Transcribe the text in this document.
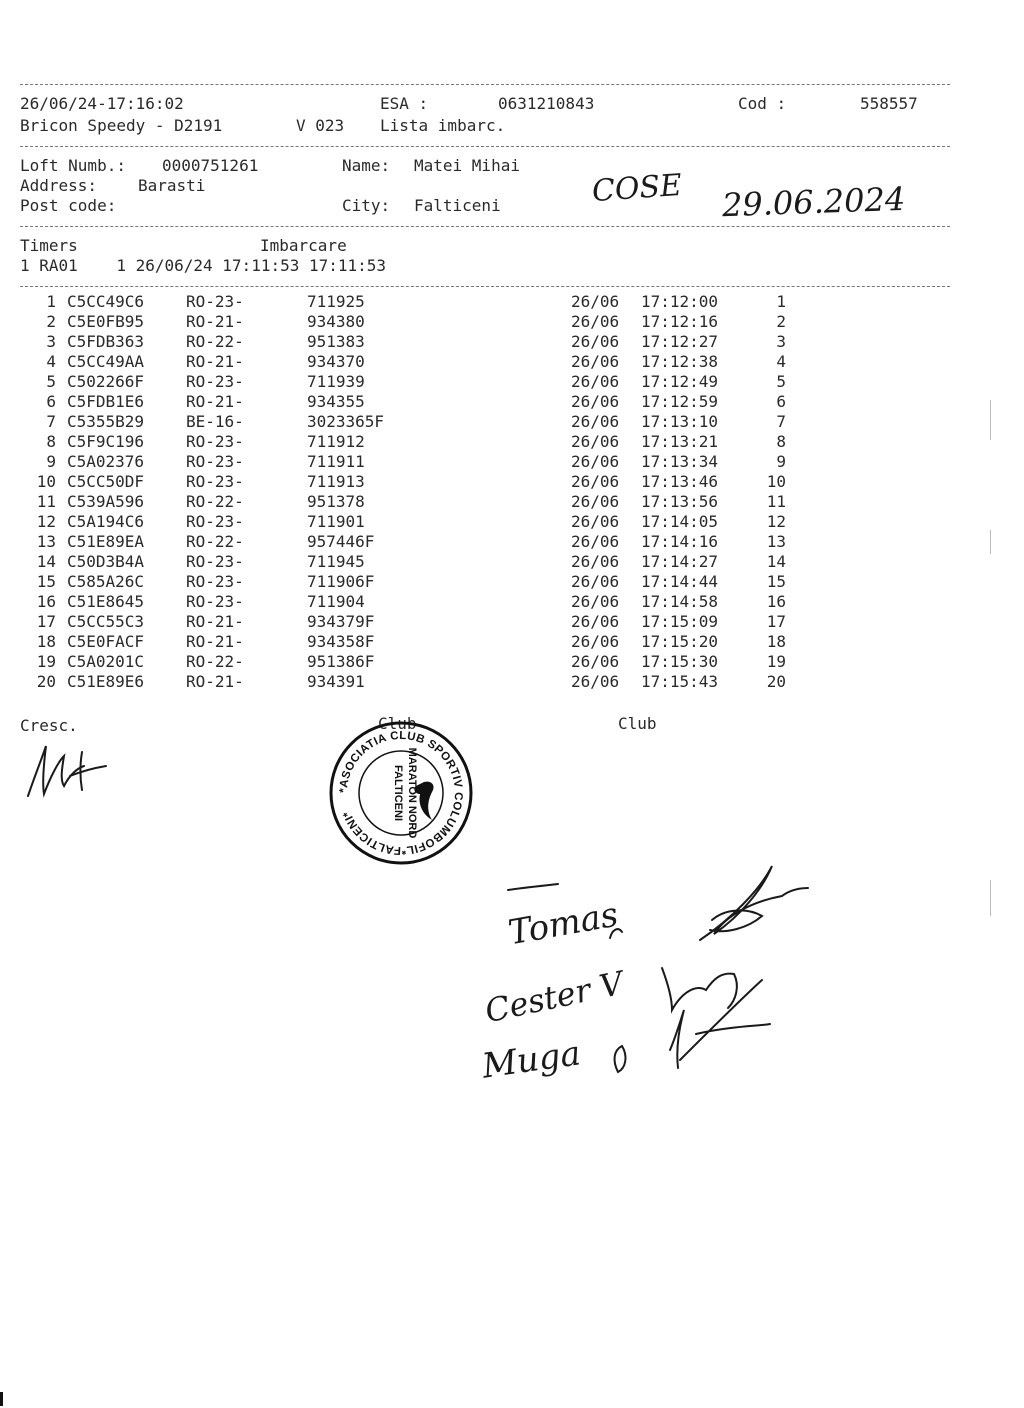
26/06/24-17:16:02	ESA :	0631210843	Cod :	558557
Bricon Speedy - D2191	V 023 Lista imbarc.
Loft Numb.: 0000751261	Name: Matei Mihai
Address:	Barasti
Post code:	City: Falticeni	COSE 29.06.2024
Timers	Imbarcare
1 RA01    1 26/06/24 17:11:53 17:11:53
1 C5CC49C6	RO-23-	711925	26/06 17:12:00	1
2 C5E0FB95	RO-21-	934380	26/06 17:12:16	2
3 C5FDB363	RO-22-	951383	26/06 17:12:27	3
4 C5CC49AA	RO-21-	934370	26/06 17:12:38	4
5 C502266F	RO-23-	711939	26/06 17:12:49	5
6 C5FDB1E6	RO-21-	934355	26/06 17:12:59	6
7 C5355B29	BE-16-	3023365F	26/06 17:13:10	7
8 C5F9C196	RO-23-	711912	26/06 17:13:21	8
9 C5A02376	RO-23-	711911	26/06 17:13:34	9
10 C5CC50DF	RO-23-	711913	26/06 17:13:46	10
11 C539A596	RO-22-	951378	26/06 17:13:56	11
12 C5A194C6	RO-23-	711901	26/06 17:14:05	12
13 C51E89EA	RO-22-	957446F	26/06 17:14:16	13
14 C50D3B4A	RO-23-	711945	26/06 17:14:27	14
15 C585A26C	RO-23-	711906F	26/06 17:14:44	15
16 C51E8645	RO-23-	711904	26/06 17:14:58	16
17 C5CC55C3	RO-21-	934379F	26/06 17:15:09	17
18 C5E0FACF	RO-21-	934358F	26/06 17:15:20	18
19 C5A0201C	RO-22-	951386F	26/06 17:15:30	19
20 C51E89E6	RO-21-	934391	26/06 17:15:43	20
Cresc.	Club	Club
*ASOCIATIA CLUB SPORTIV COLUMBOFIL*FALTICENI*	MARATON NORD
FALTICENI
Tomas
Cester V
Muga
